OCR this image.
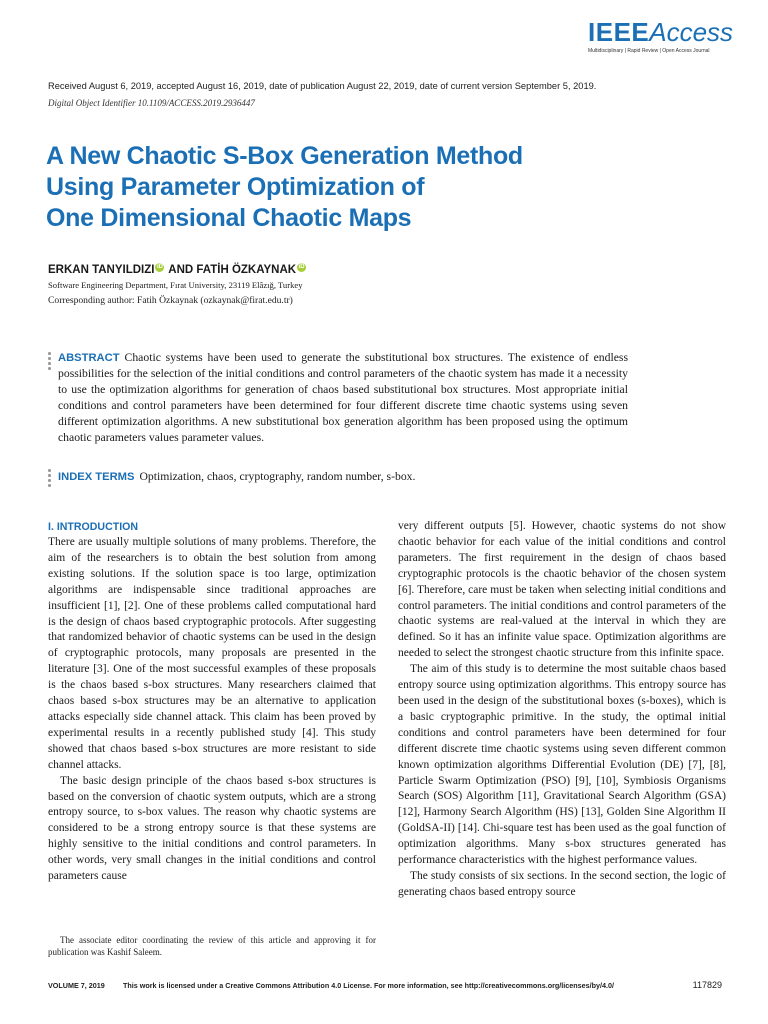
IEEEAccess
Multidisciplinary | Rapid Review | Open Access Journal
Received August 6, 2019, accepted August 16, 2019, date of publication August 22, 2019, date of current version September 5, 2019.
Digital Object Identifier 10.1109/ACCESS.2019.2936447
A New Chaotic S-Box Generation Method
Using Parameter Optimization of
One Dimensional Chaotic Maps
ERKAN TANYILDIZI iD AND FATİH ÖZKAYNAK iD
Software Engineering Department, Fırat University, 23119 Elâzığ, Turkey
Corresponding author: Fatih Özkaynak (ozkaynak@firat.edu.tr)

ABSTRACT Chaotic systems have been used to generate the substitutional box structures. The existence of endless possibilities for the selection of the initial conditions and control parameters of the chaotic system has made it a necessity to use the optimization algorithms for generation of chaos based substitutional box structures. Most appropriate initial conditions and control parameters have been determined for four different discrete time chaotic systems using seven different optimization algorithms. A new substitutional box generation algorithm has been proposed using the optimum chaotic parameters values parameter values.

INDEX TERMS Optimization, chaos, cryptography, random number, s-box.

I. INTRODUCTION

There are usually multiple solutions of many problems. Therefore, the aim of the researchers is to obtain the best solution from among existing solutions. If the solution space is too large, optimization algorithms are indispensable since traditional approaches are insufficient [1], [2]. One of these problems called computational hard is the design of chaos based cryptographic protocols. After suggesting that randomized behavior of chaotic systems can be used in the design of cryptographic protocols, many proposals are presented in the literature [3]. One of the most successful examples of these proposals is the chaos based s-box structures. Many researchers claimed that chaos based s-box structures may be an alternative to application attacks especially side channel attack. This claim has been proved by experimental results in a recently published study [4]. This study showed that chaos based s-box structures are more resistant to side channel attacks.

The basic design principle of the chaos based s-box structures is based on the conversion of chaotic system outputs, which are a strong entropy source, to s-box values. The reason why chaotic systems are considered to be a strong entropy source is that these systems are highly sensitive to the initial conditions and control parameters. In other words, very small changes in the initial conditions and control parameters cause

very different outputs [5]. However, chaotic systems do not show chaotic behavior for each value of the initial conditions and control parameters. The first requirement in the design of chaos based cryptographic protocols is the chaotic behavior of the chosen system [6]. Therefore, care must be taken when selecting initial conditions and control parameters. The initial conditions and control parameters of the chaotic systems are real-valued at the interval in which they are defined. So it has an infinite value space. Optimization algorithms are needed to select the strongest chaotic structure from this infinite space.

The aim of this study is to determine the most suitable chaos based entropy source using optimization algorithms. This entropy source has been used in the design of the substitutional boxes (s-boxes), which is a basic cryptographic primitive. In the study, the optimal initial conditions and control parameters have been determined for four different discrete time chaotic systems using seven different common known optimization algorithms Differential Evolution (DE) [7], [8], Particle Swarm Optimization (PSO) [9], [10], Symbiosis Organisms Search (SOS) Algorithm [11], Gravitational Search Algorithm (GSA) [12], Harmony Search Algorithm (HS) [13], Golden Sine Algorithm II (GoldSA-II) [14]. Chi-square test has been used as the goal function of optimization algorithms. Many s-box structures generated has performance characteristics with the highest performance values.

The study consists of six sections. In the second section, the logic of generating chaos based entropy source

The associate editor coordinating the review of this article and approving it for publication was Kashif Saleem.

VOLUME 7, 2019	This work is licensed under a Creative Commons Attribution 4.0 License. For more information, see http://creativecommons.org/licenses/by/4.0/	117829
